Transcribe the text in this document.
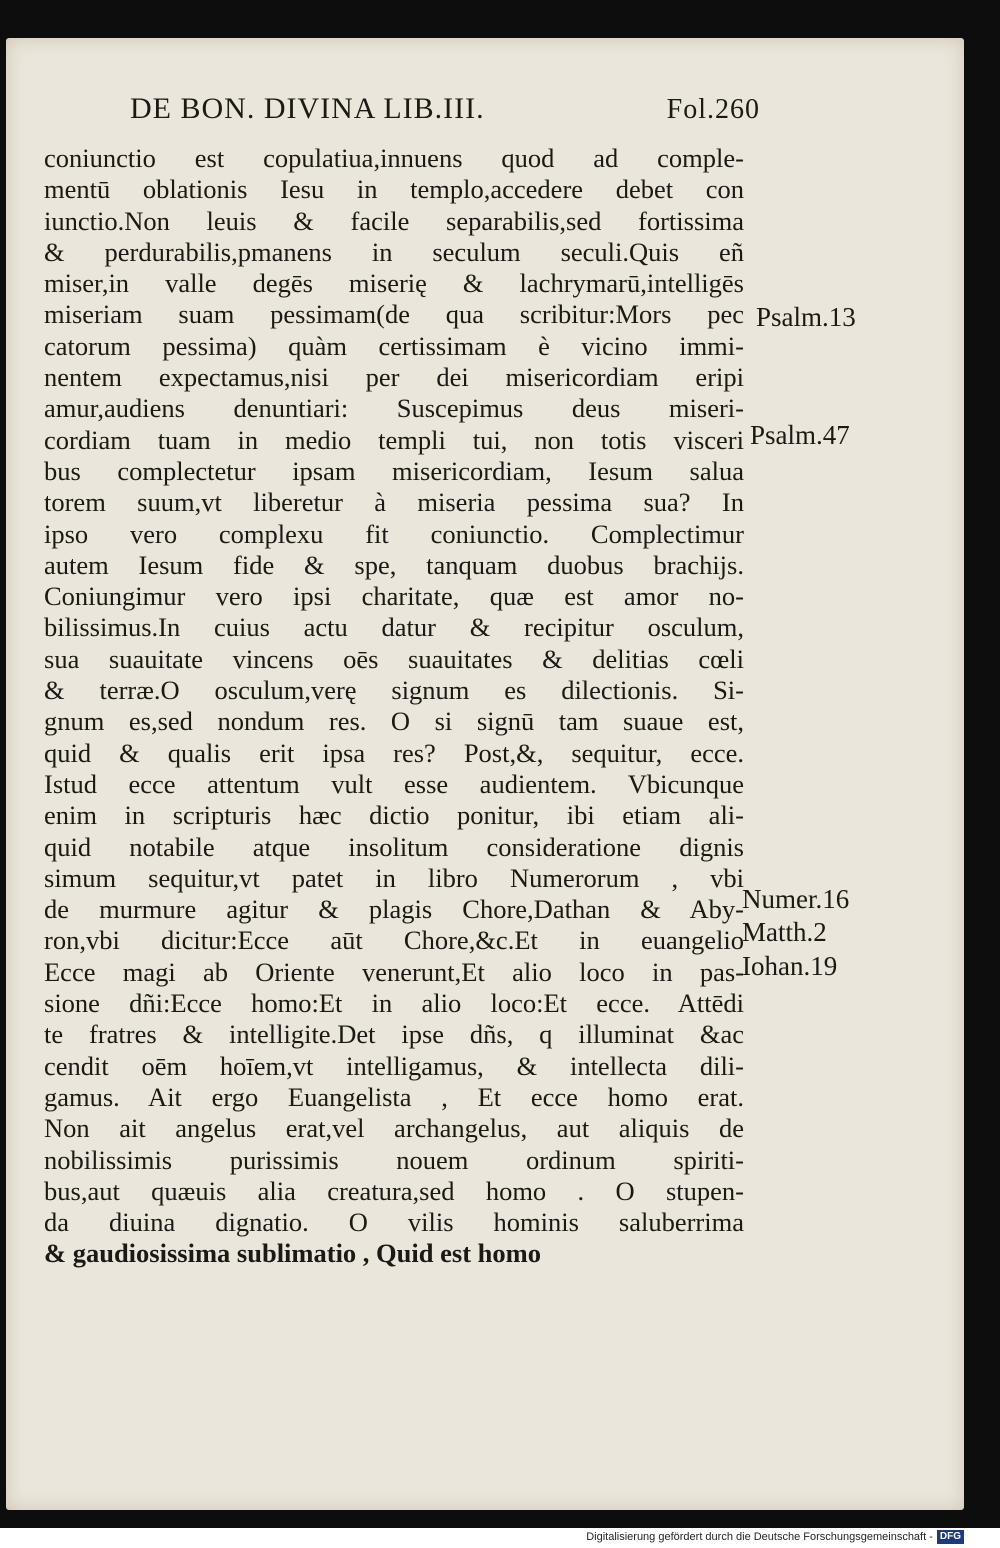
DE BON. DIVINA LIB.III.	Fol.260
coniunctio est copulatiua,innuens quod ad comple-
mentū oblationis Iesu in templo,accedere debet con
iunctio.Non leuis & facile separabilis,sed fortissima
& perdurabilis,pmanens in seculum seculi.Quis eñ
miser,in valle degēs miserię & lachrymarū,intelligēs
miseriam suam pessimam(de qua scribitur:Mors pec
catorum pessima) quàm certissimam è vicino immi-
nentem expectamus,nisi per dei misericordiam eripi
amur,audiens denuntiari: Suscepimus deus miseri-
cordiam tuam in medio templi tui, non totis visceri
bus complectetur ipsam misericordiam, Iesum salua
torem suum,vt liberetur à miseria pessima sua? In
ipso vero complexu fit coniunctio. Complectimur
autem Iesum fide & spe, tanquam duobus brachijs.
Coniungimur vero ipsi charitate, quæ est amor no-
bilissimus.In cuius actu datur & recipitur osculum,
sua suauitate vincens oēs suauitates & delitias cœli
& terræ.O osculum,verę signum es dilectionis. Si-
gnum es,sed nondum res. O si signū tam suaue est,
quid & qualis erit ipsa res? Post,&, sequitur, ecce.
Istud ecce attentum vult esse audientem. Vbicunque
enim in scripturis hæc dictio ponitur, ibi etiam ali-
quid notabile atque insolitum consideratione dignis
simum sequitur,vt patet in libro Numerorum , vbi
de murmure agitur & plagis Chore,Dathan & Aby-
ron,vbi dicitur:Ecce aūt Chore,&c.Et in euangelio
Ecce magi ab Oriente venerunt,Et alio loco in pas-
sione dñi:Ecce homo:Et in alio loco:Et ecce. Attēdi
te fratres & intelligite.Det ipse dñs, q illuminat &ac
cendit oēm hoīem,vt intelligamus, & intellecta dili-
gamus. Ait ergo Euangelista , Et ecce homo erat.
Non ait angelus erat,vel archangelus, aut aliquis de
nobilissimis purissimis nouem ordinum spiriti-
bus,aut quæuis alia creatura,sed homo . O stupen-
da diuina dignatio. O vilis hominis saluberrima
& gaudiosissima sublimatio , Quid est homo
Psalm.13
Psalm.47
Numer.16
Matth.2
Iohan.19
Digitalisierung gefördert durch die Deutsche Forschungsgemeinschaft - DFG
